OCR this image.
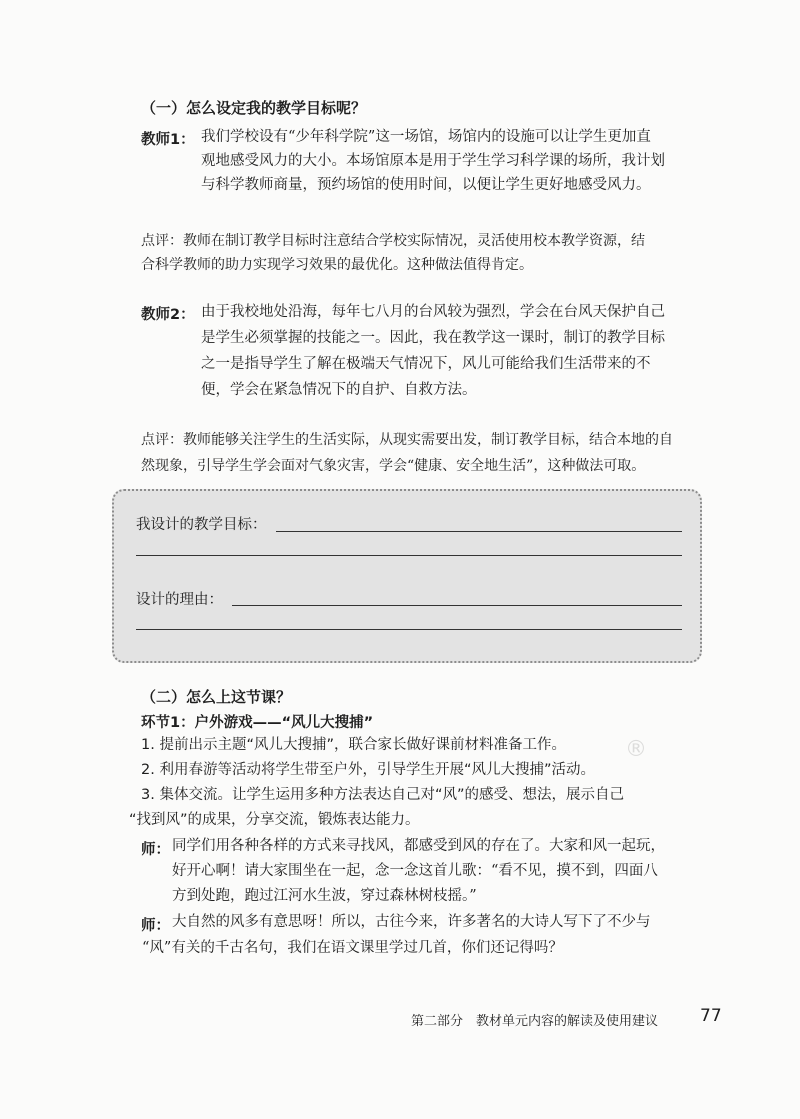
®
（一）怎么设定我的教学目标呢？
教师1： 我们学校设有“少年科学院”这一场馆，场馆内的设施可以让学生更加直
观地感受风力的大小。本场馆原本是用于学生学习科学课的场所，我计划
与科学教师商量，预约场馆的使用时间，以便让学生更好地感受风力。
点评：教师在制订教学目标时注意结合学校实际情况，灵活使用校本教学资源，结
合科学教师的助力实现学习效果的最优化。这种做法值得肯定。
教师2： 由于我校地处沿海，每年七八月的台风较为强烈，学会在台风天保护自己
是学生必须掌握的技能之一。因此，我在教学这一课时，制订的教学目标
之一是指导学生了解在极端天气情况下，风儿可能给我们生活带来的不
便，学会在紧急情况下的自护、自救方法。
点评：教师能够关注学生的生活实际，从现实需要出发，制订教学目标，结合本地的自
然现象，引导学生学会面对气象灾害，学会“健康、安全地生活”，这种做法可取。
我设计的教学目标：
设计的理由：
（二）怎么上这节课？
环节1：户外游戏——“风儿大搜捕”
1. 提前出示主题“风儿大搜捕”，联合家长做好课前材料准备工作。
2. 利用春游等活动将学生带至户外，引导学生开展“风儿大搜捕”活动。
3. 集体交流。让学生运用多种方法表达自己对“风”的感受、想法，展示自己
“找到风”的成果，分享交流，锻炼表达能力。
师： 同学们用各种各样的方式来寻找风，都感受到风的存在了。大家和风一起玩，
好开心啊！请大家围坐在一起，念一念这首儿歌：“看不见，摸不到，四面八
方到处跑，跑过江河水生波，穿过森林树枝摇。”
师： 大自然的风多有意思呀！所以，古往今来，许多著名的大诗人写下了不少与
“风”有关的千古名句，我们在语文课里学过几首，你们还记得吗？
第二部分　教材单元内容的解读及使用建议 77
